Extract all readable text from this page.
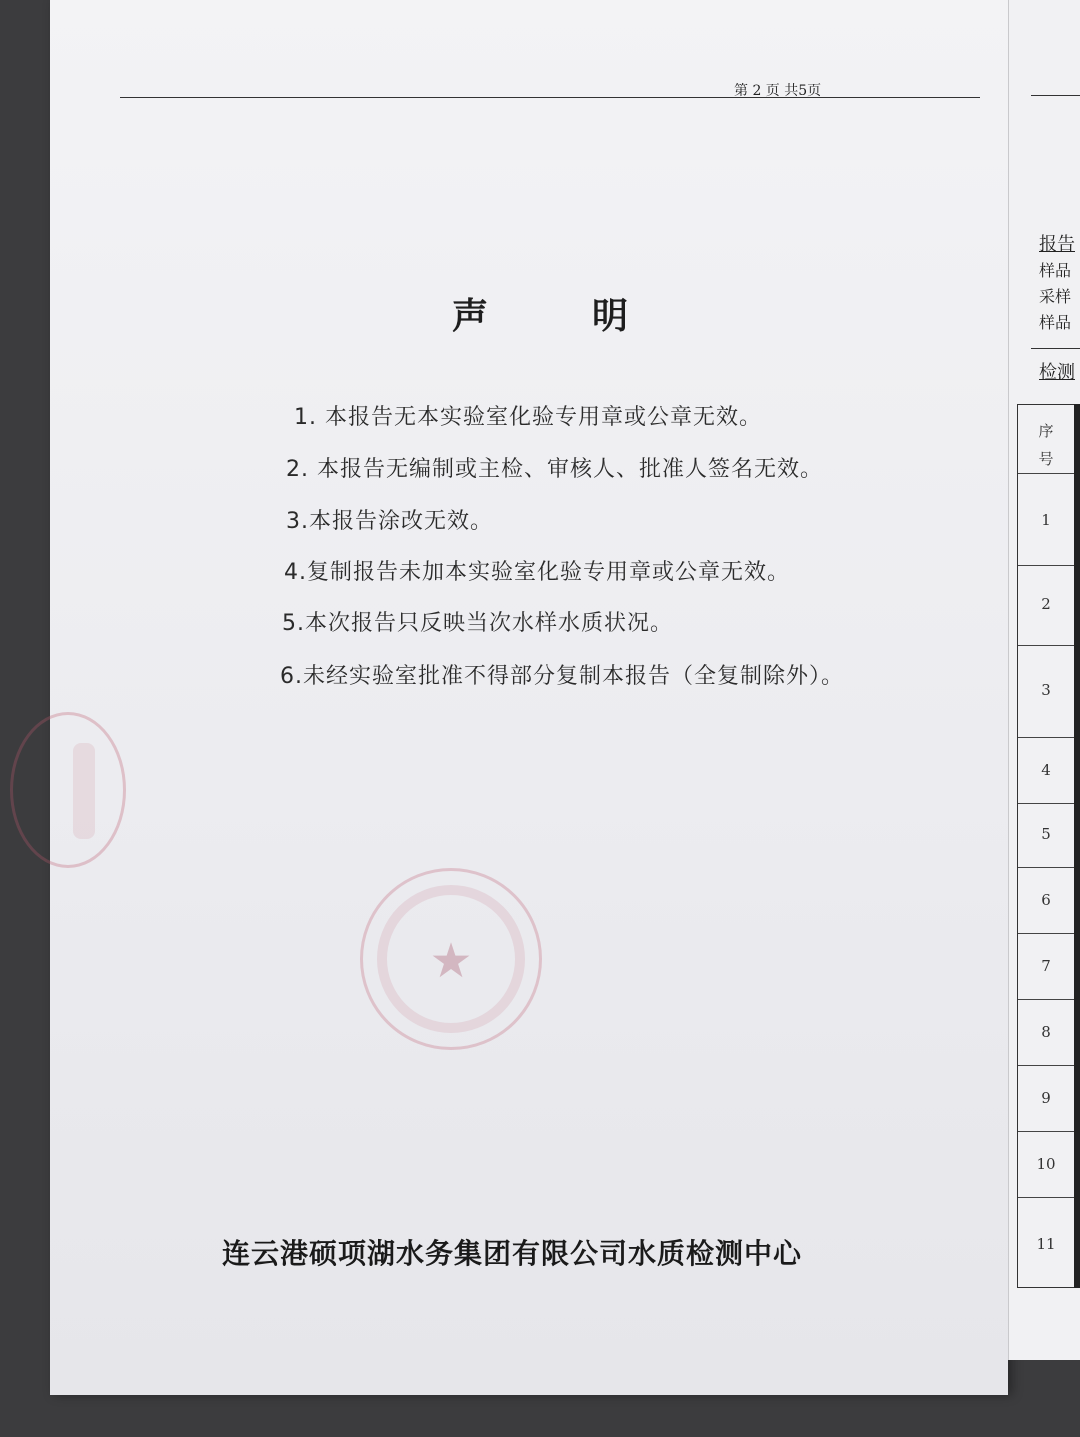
第 2 页 共5页
声	明
1. 本报告无本实验室化验专用章或公章无效。
2. 本报告无编制或主检、审核人、批准人签名无效。
3.本报告涂改无效。
4.复制报告未加本实验室化验专用章或公章无效。
5.本次报告只反映当次水样水质状况。
6.未经实验室批准不得部分复制本报告（全复制除外）。
★
连云港硕项湖水务集团有限公司水质检测中心
报告
样品
采样
样品
检测
序号
1
2
3
4
5
6
7
8
9
10
11
